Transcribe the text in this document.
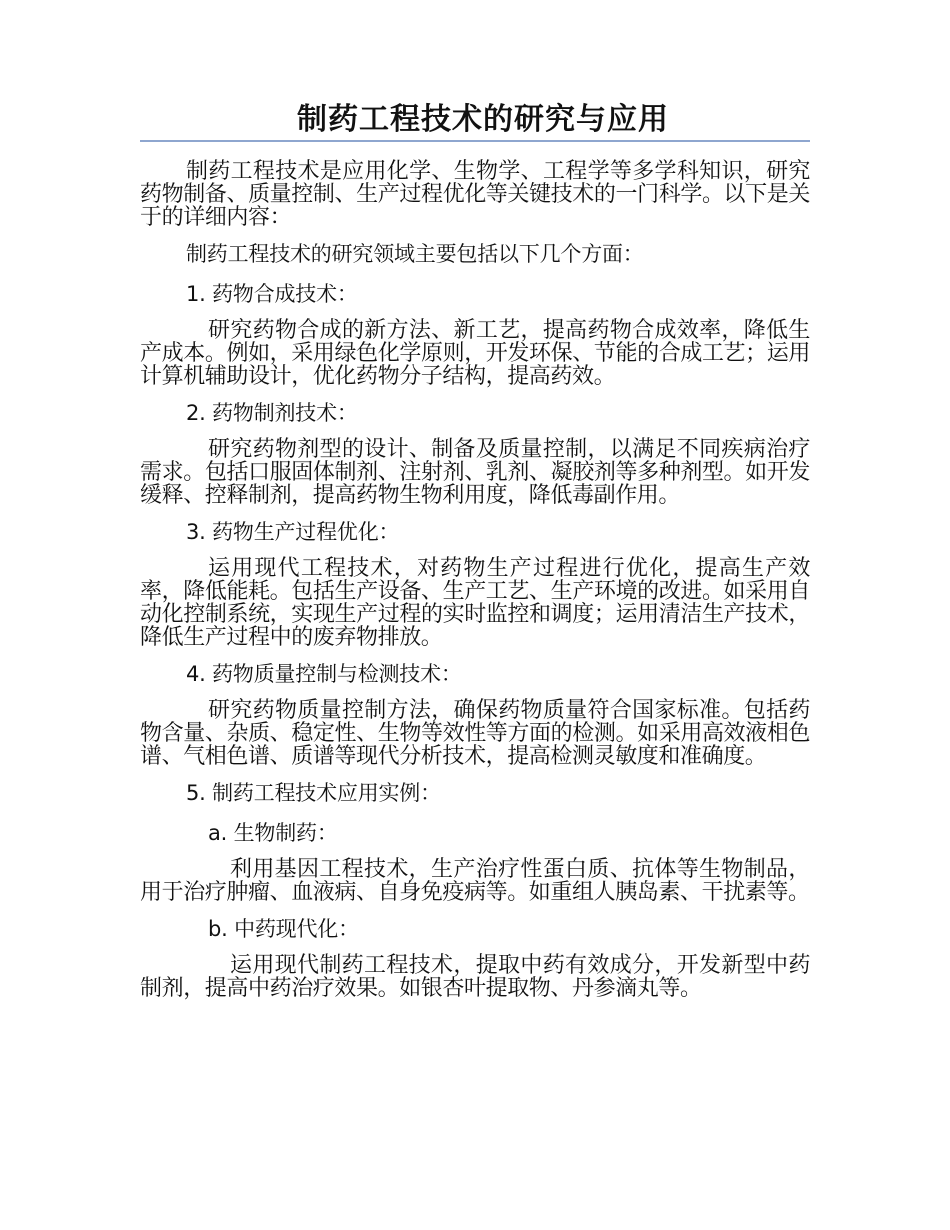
制药工程技术的研究与应用

制药工程技术是应用化学、生物学、工程学等多学科知识，研究药物制备、质量控制、生产过程优化等关键技术的一门科学。以下是关于的详细内容：

制药工程技术的研究领域主要包括以下几个方面：

1. 药物合成技术：

研究药物合成的新方法、新工艺，提高药物合成效率，降低生产成本。例如，采用绿色化学原则，开发环保、节能的合成工艺；运用计算机辅助设计，优化药物分子结构，提高药效。

2. 药物制剂技术：

研究药物剂型的设计、制备及质量控制，以满足不同疾病治疗需求。包括口服固体制剂、注射剂、乳剂、凝胶剂等多种剂型。如开发缓释、控释制剂，提高药物生物利用度，降低毒副作用。

3. 药物生产过程优化：

运用现代工程技术，对药物生产过程进行优化，提高生产效率，降低能耗。包括生产设备、生产工艺、生产环境的改进。如采用自动化控制系统，实现生产过程的实时监控和调度；运用清洁生产技术，降低生产过程中的废弃物排放。

4. 药物质量控制与检测技术：

研究药物质量控制方法，确保药物质量符合国家标准。包括药物含量、杂质、稳定性、生物等效性等方面的检测。如采用高效液相色谱、气相色谱、质谱等现代分析技术，提高检测灵敏度和准确度。

5. 制药工程技术应用实例：

a. 生物制药：

利用基因工程技术，生产治疗性蛋白质、抗体等生物制品，用于治疗肿瘤、血液病、自身免疫病等。如重组人胰岛素、干扰素等。

b. 中药现代化：

运用现代制药工程技术，提取中药有效成分，开发新型中药制剂，提高中药治疗效果。如银杏叶提取物、丹参滴丸等。
